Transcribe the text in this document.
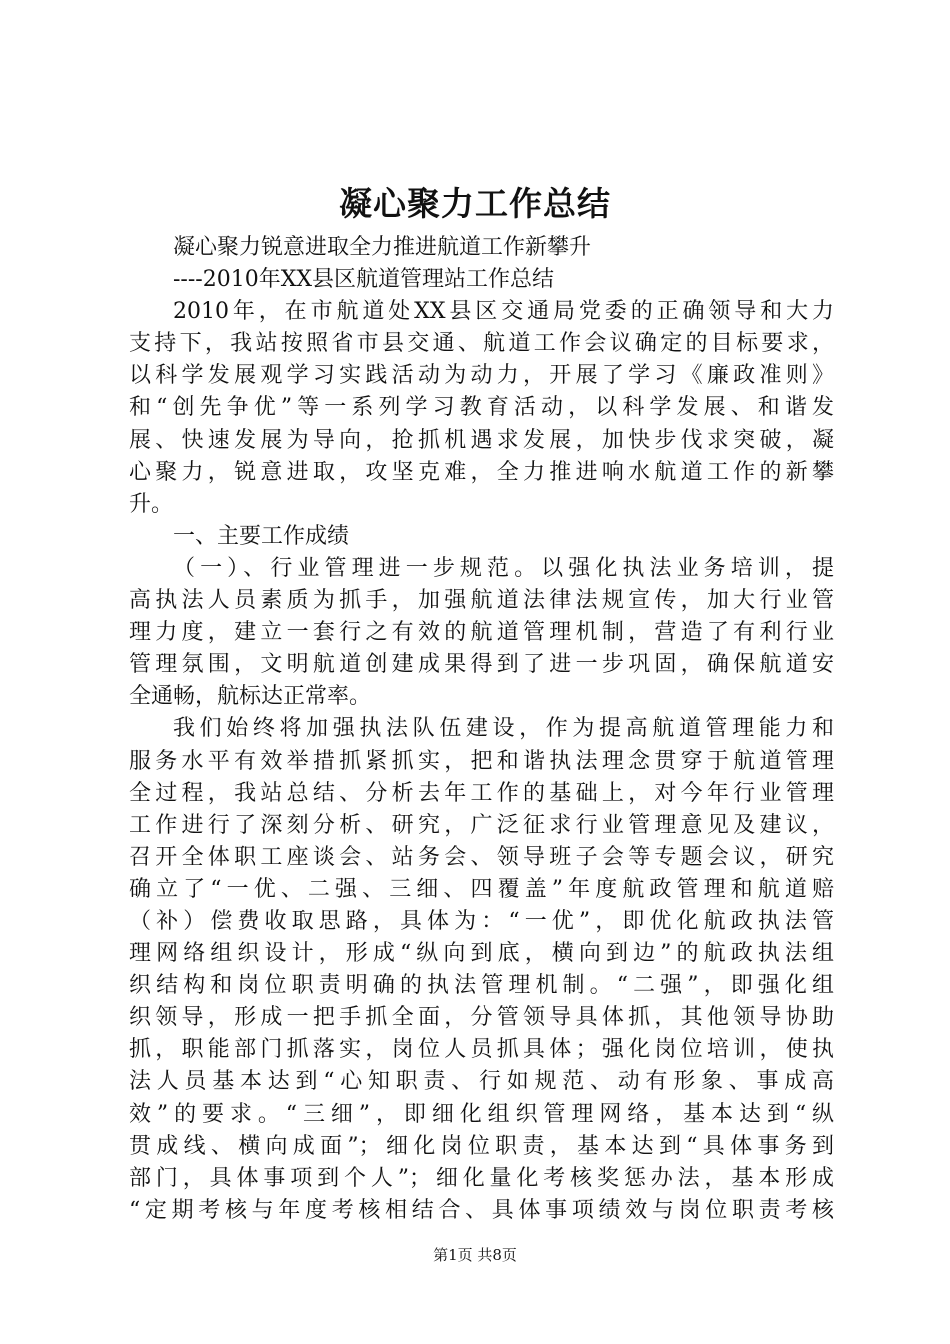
凝心聚力工作总结
凝心聚力锐意进取全力推进航道工作新攀升
----2010年XX县区航道管理站工作总结
2010年，在市航道处XX县区交通局党委的正确领导和大力
支持下，我站按照省市县交通、航道工作会议确定的目标要求，
以科学发展观学习实践活动为动力，开展了学习《廉政准则》
和“创先争优”等一系列学习教育活动，以科学发展、和谐发
展、快速发展为导向，抢抓机遇求发展，加快步伐求突破，凝
心聚力，锐意进取，攻坚克难，全力推进响水航道工作的新攀
升。
一、主要工作成绩
（一）、行业管理进一步规范。以强化执法业务培训，提
高执法人员素质为抓手，加强航道法律法规宣传，加大行业管
理力度，建立一套行之有效的航道管理机制，营造了有利行业
管理氛围，文明航道创建成果得到了进一步巩固，确保航道安
全通畅，航标达正常率。
我们始终将加强执法队伍建设，作为提高航道管理能力和
服务水平有效举措抓紧抓实，把和谐执法理念贯穿于航道管理
全过程，我站总结、分析去年工作的基础上，对今年行业管理
工作进行了深刻分析、研究，广泛征求行业管理意见及建议，
召开全体职工座谈会、站务会、领导班子会等专题会议，研究
确立了“一优、二强、三细、四覆盖”年度航政管理和航道赔
（补）偿费收取思路，具体为：“一优”，即优化航政执法管
理网络组织设计，形成“纵向到底，横向到边”的航政执法组
织结构和岗位职责明确的执法管理机制。“二强”，即强化组
织领导，形成一把手抓全面，分管领导具体抓，其他领导协助
抓，职能部门抓落实，岗位人员抓具体；强化岗位培训，使执
法人员基本达到“心知职责、行如规范、动有形象、事成高
效”的要求。“三细”，即细化组织管理网络，基本达到“纵
贯成线、横向成面”；细化岗位职责，基本达到“具体事务到
部门，具体事项到个人”；细化量化考核奖惩办法，基本形成
“定期考核与年度考核相结合、具体事项绩效与岗位职责考核
第1页 共8页
